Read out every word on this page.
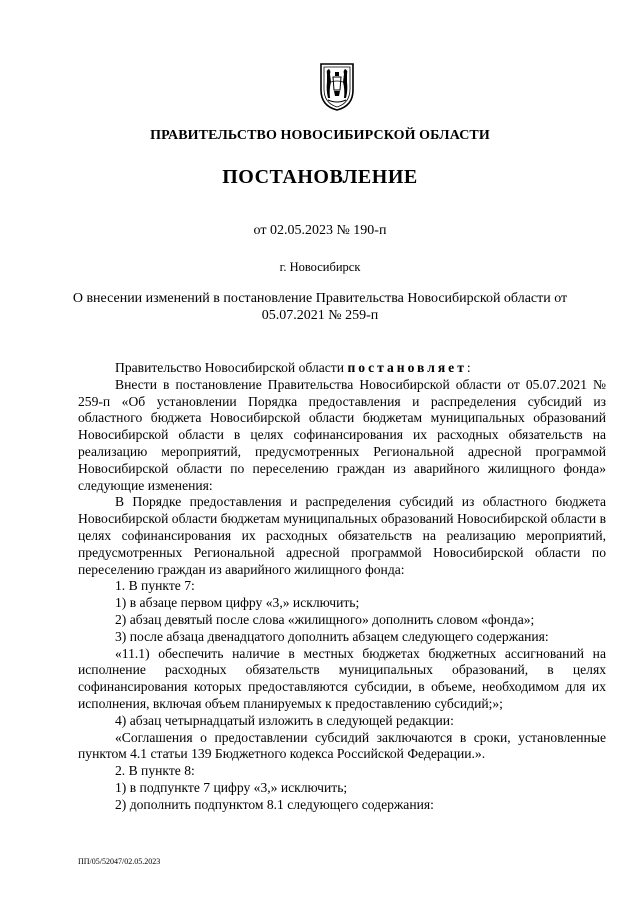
ПРАВИТЕЛЬСТВО НОВОСИБИРСКОЙ ОБЛАСТИ
ПОСТАНОВЛЕНИЕ
от 02.05.2023 № 190-п
г. Новосибирск
О внесении изменений в постановление Правительства Новосибирской области от 05.07.2021 № 259-п

Правительство Новосибирской области постановляет:

Внести в постановление Правительства Новосибирской области от 05.07.2021 № 259-п «Об установлении Порядка предоставления и распределения субсидий из областного бюджета Новосибирской области бюджетам муниципальных образований Новосибирской области в целях софинансирования их расходных обязательств на реализацию мероприятий, предусмотренных Региональной адресной программой Новосибирской области по переселению граждан из аварийного жилищного фонда» следующие изменения:

В Порядке предоставления и распределения субсидий из областного бюджета Новосибирской области бюджетам муниципальных образований Новосибирской области в целях софинансирования их расходных обязательств на реализацию мероприятий, предусмотренных Региональной адресной программой Новосибирской области по переселению граждан из аварийного жилищного фонда:

1. В пункте 7:

1) в абзаце первом цифру «3,» исключить;

2) абзац девятый после слова «жилищного» дополнить словом «фонда»;

3) после абзаца двенадцатого дополнить абзацем следующего содержания:

«11.1) обеспечить наличие в местных бюджетах бюджетных ассигнований на исполнение расходных обязательств муниципальных образований, в целях софинансирования которых предоставляются субсидии, в объеме, необходимом для их исполнения, включая объем планируемых к предоставлению субсидий;»;

4) абзац четырнадцатый изложить в следующей редакции:

«Соглашения о предоставлении субсидий заключаются в сроки, установленные пунктом 4.1 статьи 139 Бюджетного кодекса Российской Федерации.».

2. В пункте 8:

1) в подпункте 7 цифру «3,» исключить;

2) дополнить подпунктом 8.1 следующего содержания:

ПП/05/52047/02.05.2023
